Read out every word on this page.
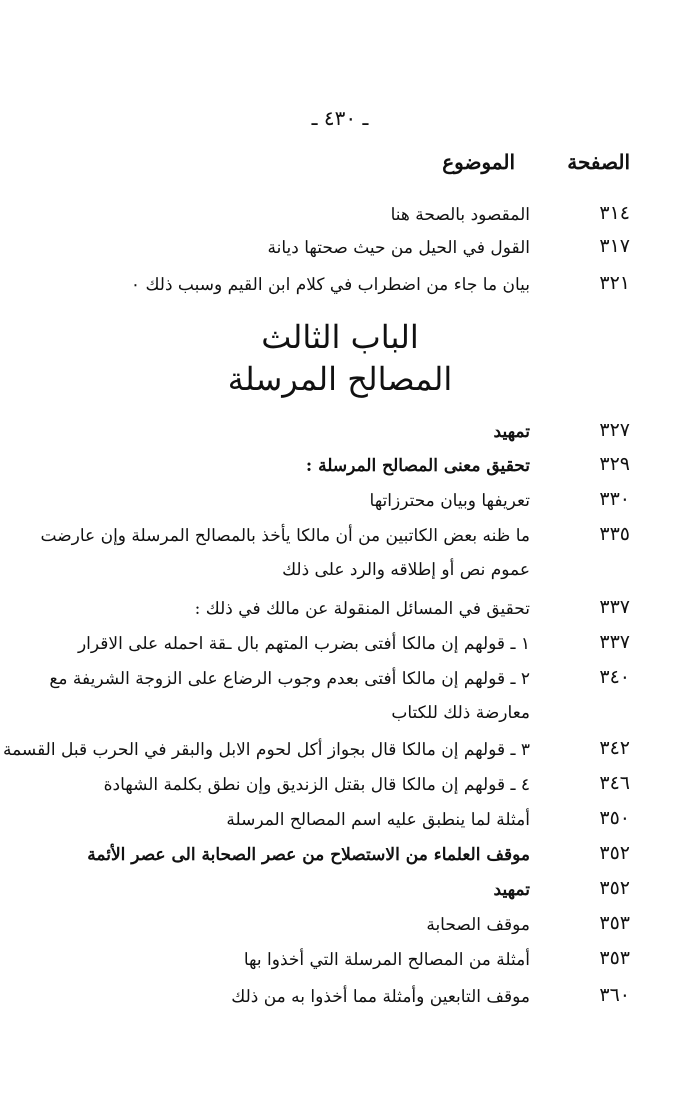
ـ ٤٣٠ ـ
الصفحة
الموضوع
٣١٤
المقصود بالصحة هنا
٣١٧
القول في الحيل من حيث صحتها ديانة
٣٢١
بيان ما جاء من اضطراب في كلام ابن القيم وسبب ذلك ٠
الباب الثالث
المصالح المرسلة
٣٢٧
تمهيد
٣٢٩
تحقيق معنى المصالح المرسلة :
٣٣٠
تعريفها وبيان محترزاتها
٣٣٥
ما ظنه بعض الكاتبين من أن مالكا يأخذ بالمصالح المرسلة وإن عارضت عموم نص أو إطلاقه والرد على ذلك
٣٣٧
تحقيق في المسائل المنقولة عن مالك في ذلك :
٣٣٧
١ ـ قولهم إن مالكا أفتى بضرب المتهم بال ـقة احمله على الاقرار
٣٤٠
٢ ـ قولهم إن مالكا أفتى بعدم وجوب الرضاع على الزوجة الشريفة مع معارضة ذلك للكتاب
٣٤٢
٣ ـ قولهم إن مالكا قال بجواز أكل لحوم الابل والبقر في الحرب قبل القسمة
٣٤٦
٤ ـ قولهم إن مالكا قال بقتل الزنديق وإن نطق بكلمة الشهادة
٣٥٠
أمثلة لما ينطبق عليه اسم المصالح المرسلة
٣٥٢
موقف العلماء من الاستصلاح من عصر الصحابة الى عصر الأئمة
٣٥٢
تمهيد
٣٥٣
موقف الصحابة
٣٥٣
أمثلة من المصالح المرسلة التي أخذوا بها
٣٦٠
موقف التابعين وأمثلة مما أخذوا به من ذلك
